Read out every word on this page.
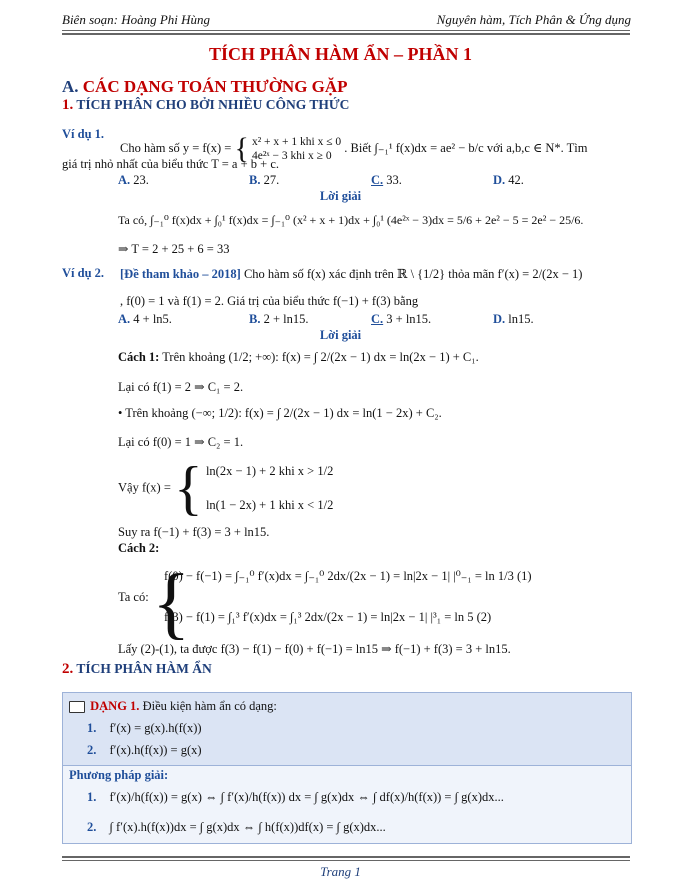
Biên soạn: Hoàng Phi Hùng	Nguyên hàm, Tích Phân & Ứng dụng
TÍCH PHÂN HÀM ẨN – PHẦN 1
A. CÁC DẠNG TOÁN THƯỜNG GẶP
1. TÍCH PHÂN CHO BỞI NHIỀU CÔNG THỨC
Ví dụ 1.
Cho hàm số y = f(x) = { x² + x + 1 khi x ≤ 0
4e²ˣ − 3 khi x ≥ 0
. Biết ∫₋₁¹ f(x)dx = ae² − b/c với a,b,c ∈ N*. Tìm
giá trị nhỏ nhất của biểu thức T = a + b + c.
A. 23.	B. 27.	C. 33.	D. 42.
Lời giải
Ta có, ∫₋₁⁰ f(x)dx + ∫₀¹ f(x)dx = ∫₋₁⁰ (x² + x + 1)dx + ∫₀¹ (4e²ˣ − 3)dx = 5/6 + 2e² − 5 = 2e² − 25/6.
⇒ T = 2 + 25 + 6 = 33
Ví dụ 2. [Đề tham khảo – 2018] Cho hàm số f(x) xác định trên ℝ \ {1/2} thỏa mãn f′(x) = 2/(2x − 1)
, f(0) = 1 và f(1) = 2. Giá trị của biểu thức f(−1) + f(3) bằng
A. 4 + ln5.	B. 2 + ln15.	C. 3 + ln15.	D. ln15.
Lời giải
Cách 1: Trên khoảng (1/2; +∞): f(x) = ∫ 2/(2x − 1) dx = ln(2x − 1) + C₁.
Lại có f(1) = 2 ⇒ C₁ = 2.
• Trên khoảng (−∞; 1/2): f(x) = ∫ 2/(2x − 1) dx = ln(1 − 2x) + C₂.
Lại có f(0) = 1 ⇒ C₂ = 1.
Vậy f(x) = { ln(2x − 1) + 2 khi x > 1/2
ln(1 − 2x) + 1 khi x < 1/2
Suy ra f(−1) + f(3) = 3 + ln15.
Cách 2:
Ta có: {
f(0) − f(−1) = ∫₋₁⁰ f′(x)dx = ∫₋₁⁰ 2dx/(2x − 1) = ln|2x − 1| |⁰₋₁ = ln 1/3 (1)
f(3) − f(1) = ∫₁³ f′(x)dx = ∫₁³ 2dx/(2x − 1) = ln|2x − 1| |³₁ = ln 5 (2)
Lấy (2)-(1), ta được f(3) − f(1) − f(0) + f(−1) = ln15 ⇒ f(−1) + f(3) = 3 + ln15.
2. TÍCH PHÂN HÀM ẨN
DẠNG 1. Điều kiện hàm ẩn có dạng:
1. f′(x) = g(x).h(f(x))
2. f′(x).h(f(x)) = g(x)
Phương pháp giải:
1. f′(x)/h(f(x)) = g(x) ⇔ ∫ f′(x)/h(f(x)) dx = ∫ g(x)dx ⇔ ∫ df(x)/h(f(x)) = ∫ g(x)dx...
2. ∫ f′(x).h(f(x))dx = ∫ g(x)dx ⇔ ∫ h(f(x))df(x) = ∫ g(x)dx...
Trang 1
